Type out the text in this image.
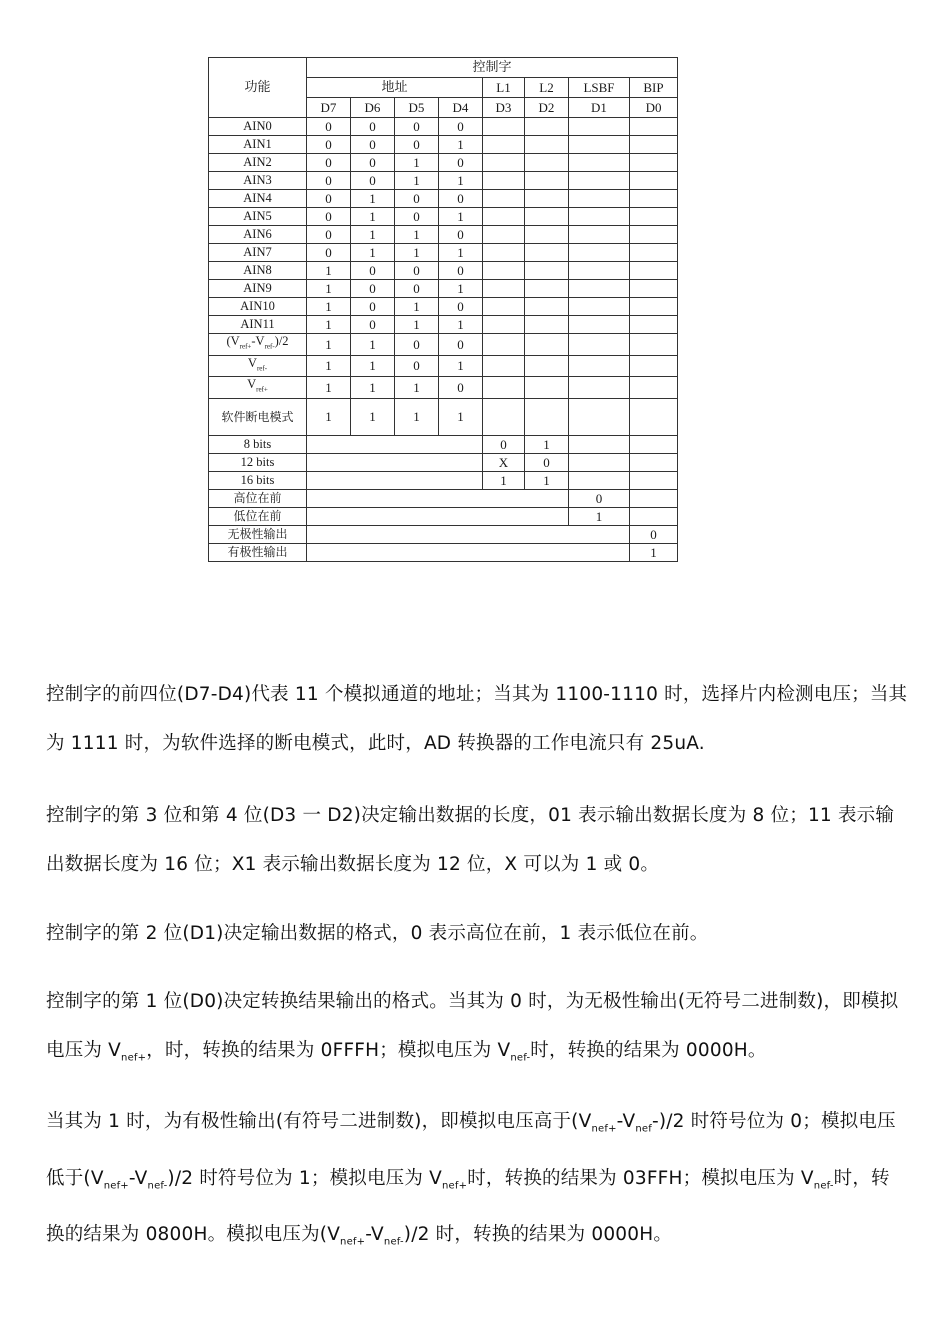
功能	控制字							
	地址				L1	L2	LSBF	BIP
	D7	D6	D5	D4	D3	D2	D1	D0
AIN0	0	0	0	0				
AIN1	0	0	0	1				
AIN2	0	0	1	0				
AIN3	0	0	1	1				
AIN4	0	1	0	0				
AIN5	0	1	0	1				
AIN6	0	1	1	0				
AIN7	0	1	1	1				
AIN8	1	0	0	0				
AIN9	1	0	0	1				
AIN10	1	0	1	0				
AIN11	1	0	1	1				
$(V_{ref+}-V_{ref-})/2$	1	1	0	0				
$V_{ref-}$	1	1	0	1				
$V_{ref+}$	1	1	1	0				
软件断电模式	1	1	1	1				
8 bits					0	1		
12 bits					X	0		
16 bits					1	1		
高位在前							0	
低位在前							1	
无极性输出								0
有极性输出								1

控制字的前四位(D7-D4)代表 11 个模拟通道的地址；当其为 1100-1110 时，选择片内检测电压；当其为 1111 时，为软件选择的断电模式，此时，AD 转换器的工作电流只有 25uA.

控制字的第 3 位和第 4 位(D3 一 D2)决定输出数据的长度，01 表示输出数据长度为 8 位；11 表示输出数据长度为 16 位；X1 表示输出数据长度为 12 位，X 可以为 1 或 0。

控制字的第 2 位(D1)决定输出数据的格式，0 表示高位在前，1 表示低位在前。

控制字的第 1 位(D0)决定转换结果输出的格式。当其为 0 时，为无极性输出(无符号二进制数)，即模拟电压为 $V_{nef+}$，时，转换的结果为 0FFFH；模拟电压为 $V_{nef-}$时，转换的结果为 0000H。

当其为 1 时，为有极性输出(有符号二进制数)，即模拟电压高于$(V_{nef+}-V_{nef}-)/2$ 时符号位为 0；模拟电压低于$(V_{nef+}-V_{nef-})/2$ 时符号位为 1；模拟电压为 $V_{nef+}$时，转换的结果为 03FFH；模拟电压为 $V_{nef-}$时，转换的结果为 0800H。模拟电压为$(V_{nef+}-V_{nef-})/2$ 时，转换的结果为 0000H。
